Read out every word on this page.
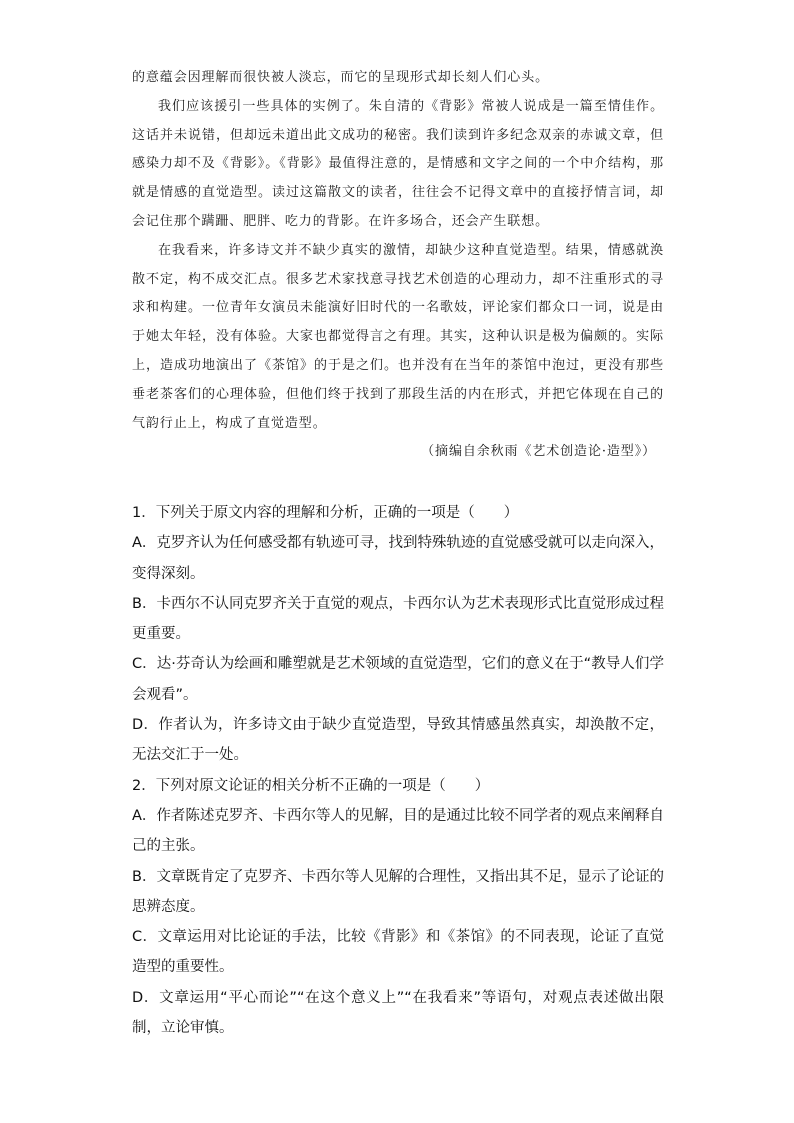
的意蕴会因理解而很快被人淡忘，而它的呈现形式却长刻人们心头。

我们应该援引一些具体的实例了。朱自清的《背影》常被人说成是一篇至情佳作。这话并未说错，但却远未道出此文成功的秘密。我们读到许多纪念双亲的赤诚文章，但感染力却不及《背影》。《背影》最值得注意的，是情感和文字之间的一个中介结构，那就是情感的直觉造型。读过这篇散文的读者，往往会不记得文章中的直接抒情言词，却会记住那个蹒跚、肥胖、吃力的背影。在许多场合，还会产生联想。

在我看来，许多诗文并不缺少真实的激情，却缺少这种直觉造型。结果，情感就涣散不定，构不成交汇点。很多艺术家找意寻找艺术创造的心理动力，却不注重形式的寻求和构建。一位青年女演员未能演好旧时代的一名歌妓，评论家们都众口一词，说是由于她太年轻，没有体验。大家也都觉得言之有理。其实，这种认识是极为偏颇的。实际上，造成功地演出了《茶馆》的于是之们。也并没有在当年的茶馆中泡过，更没有那些垂老茶客们的心理体验，但他们终于找到了那段生活的内在形式，并把它体现在自己的气韵行止上，构成了直觉造型。

（摘编自余秋雨《艺术创造论·造型》）

1．下列关于原文内容的理解和分析，正确的一项是（　　）

A．克罗齐认为任何感受都有轨迹可寻，找到特殊轨迹的直觉感受就可以走向深入，变得深刻。

B．卡西尔不认同克罗齐关于直觉的观点，卡西尔认为艺术表现形式比直觉形成过程更重要。

C．达·芬奇认为绘画和雕塑就是艺术领域的直觉造型，它们的意义在于“教导人们学会观看”。

D．作者认为，许多诗文由于缺少直觉造型，导致其情感虽然真实，却涣散不定，无法交汇于一处。

2．下列对原文论证的相关分析不正确的一项是（　　）

A．作者陈述克罗齐、卡西尔等人的见解，目的是通过比较不同学者的观点来阐释自己的主张。

B．文章既肯定了克罗齐、卡西尔等人见解的合理性，又指出其不足，显示了论证的思辨态度。

C．文章运用对比论证的手法，比较《背影》和《茶馆》的不同表现，论证了直觉造型的重要性。

D．文章运用“平心而论”“在这个意义上”“在我看来”等语句，对观点表述做出限制，立论审慎。
